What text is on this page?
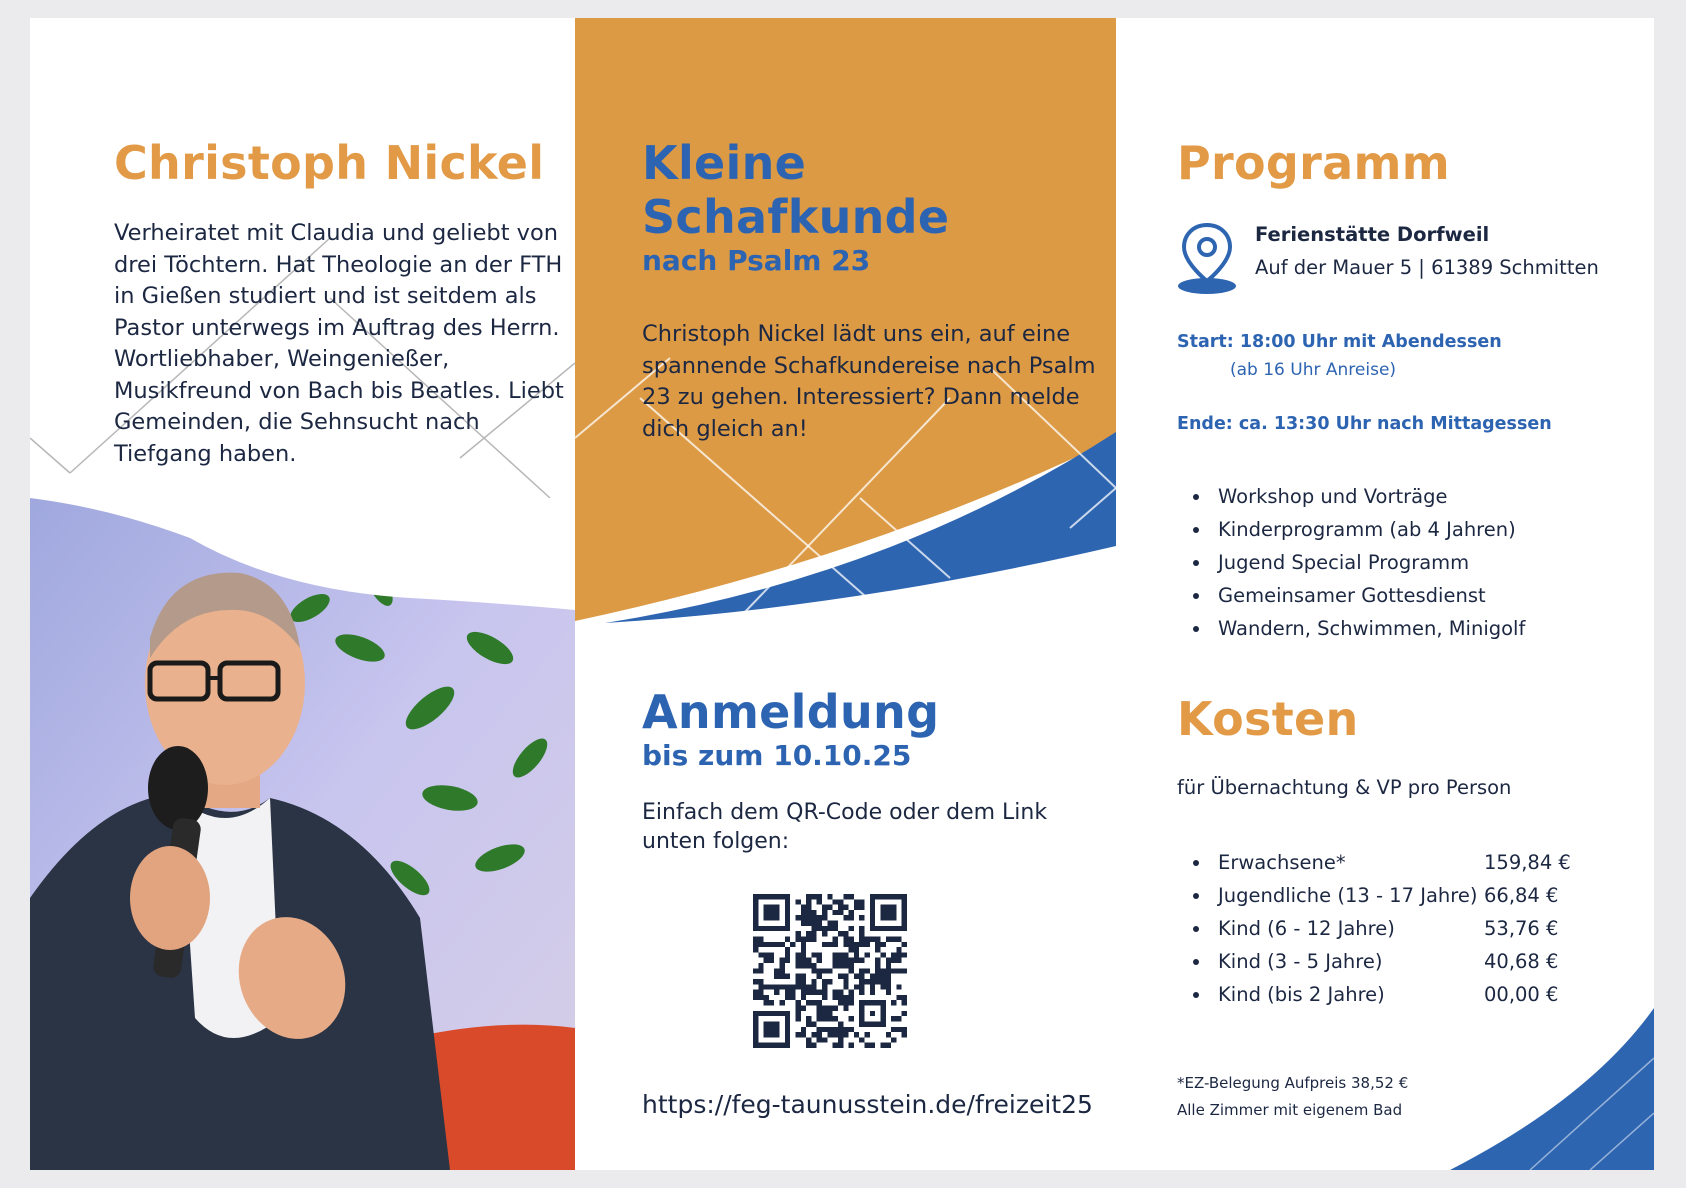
Christoph Nickel
Verheiratet mit Claudia und geliebt von drei Töchtern. Hat Theologie an der FTH in Gießen studiert und ist seitdem als Pastor unterwegs im Auftrag des Herrn. Wortliebhaber, Weingenießer, Musikfreund von Bach bis Beatles. Liebt Gemeinden, die Sehnsucht nach Tiefgang haben.
Kleine Schafkunde
nach Psalm 23
Christoph Nickel lädt uns ein, auf eine spannende Schafkundereise nach Psalm 23 zu gehen. Interessiert? Dann melde dich gleich an!
Anmeldung
bis zum 10.10.25
Einfach dem QR-Code oder dem Link unten folgen:
https://feg-taunusstein.de/freizeit25
Programm
Ferienstätte Dorfweil
Auf der Mauer 5 | 61389 Schmitten
Start: 18:00 Uhr mit Abendessen
(ab 16 Uhr Anreise)
Ende: ca. 13:30 Uhr nach Mittagessen
• Workshop und Vorträge
• Kinderprogramm (ab 4 Jahren)
• Jugend Special Programm
• Gemeinsamer Gottesdienst
• Wandern, Schwimmen, Minigolf
Kosten
für Übernachtung & VP pro Person
• Erwachsene*	159,84 €
• Jugendliche (13 - 17 Jahre) 66,84 €
• Kind (6 - 12 Jahre)	53,76 €
• Kind (3 - 5 Jahre)	40,68 €
• Kind (bis 2 Jahre)	00,00 €
*EZ-Belegung Aufpreis 38,52 €
Alle Zimmer mit eigenem Bad
